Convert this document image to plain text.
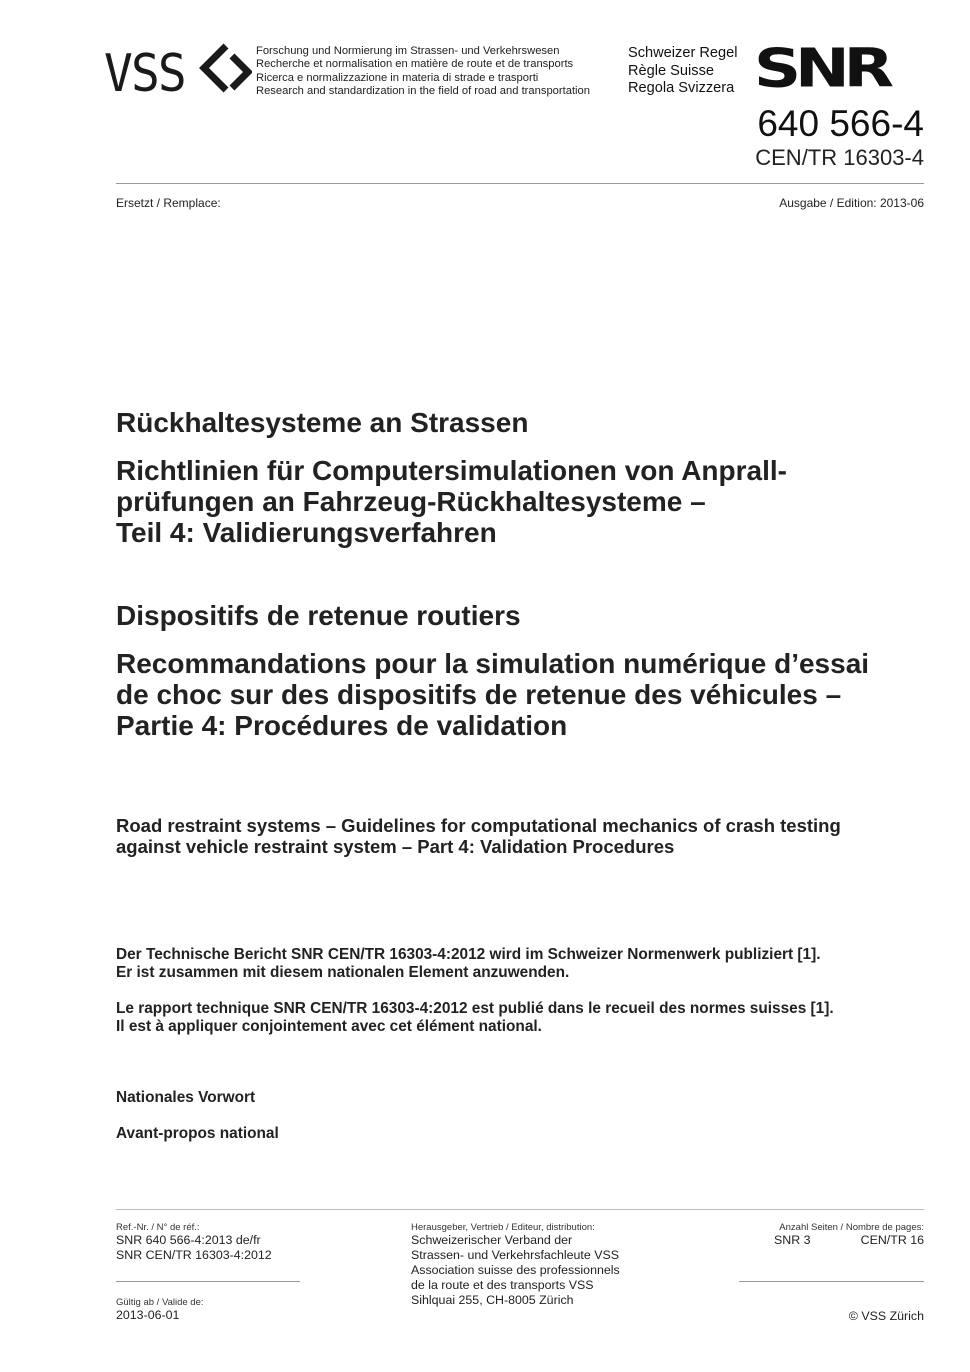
VSS	Forschung und Normierung im Strassen- und Verkehrswesen
Recherche et normalisation en matière de route et de transports
Ricerca e normalizzazione in materia di strade e trasporti
Research and standardization in the field of road and transportation
Schweizer Regel
Règle Suisse
Regola Svizzera SNR
640 566-4
CEN/TR 16303-4
Ersetzt / Remplace:	Ausgabe / Edition: 2013-06

Rückhaltesysteme an Strassen

Richtlinien für Computersimulationen von Anprall-

prüfungen an Fahrzeug-Rückhaltesysteme –

Teil 4: Validierungsverfahren

Dispositifs de retenue routiers

Recommandations pour la simulation numérique d’essai

de choc sur des dispositifs de retenue des véhicules –

Partie 4: Procédures de validation

Road restraint systems – Guidelines for computational mechanics of crash testing
against vehicle restraint system – Part 4: Validation Procedures
Der Technische Bericht SNR CEN/TR 16303-4:2012 wird im Schweizer Normenwerk publiziert [1].
Er ist zusammen mit diesem nationalen Element anzuwenden.
Le rapport technique SNR CEN/TR 16303-4:2012 est publié dans le recueil des normes suisses [1].
Il est à appliquer conjointement avec cet élément national.
Nationales Vorwort
Avant-propos national
Ref.-Nr. / N° de réf.:
SNR 640 566-4:2013 de/fr
SNR CEN/TR 16303-4:2012
Gültig ab / Valide de:
2013-06-01
Herausgeber, Vertrieb / Editeur, distribution:
Schweizerischer Verband der
Strassen- und Verkehrsfachleute VSS
Association suisse des professionnels
de la route et des transports VSS
Sihlquai 255, CH-8005 Zürich
Anzahl Seiten / Nombre de pages:
SNR 3	CEN/TR 16
© VSS Zürich
